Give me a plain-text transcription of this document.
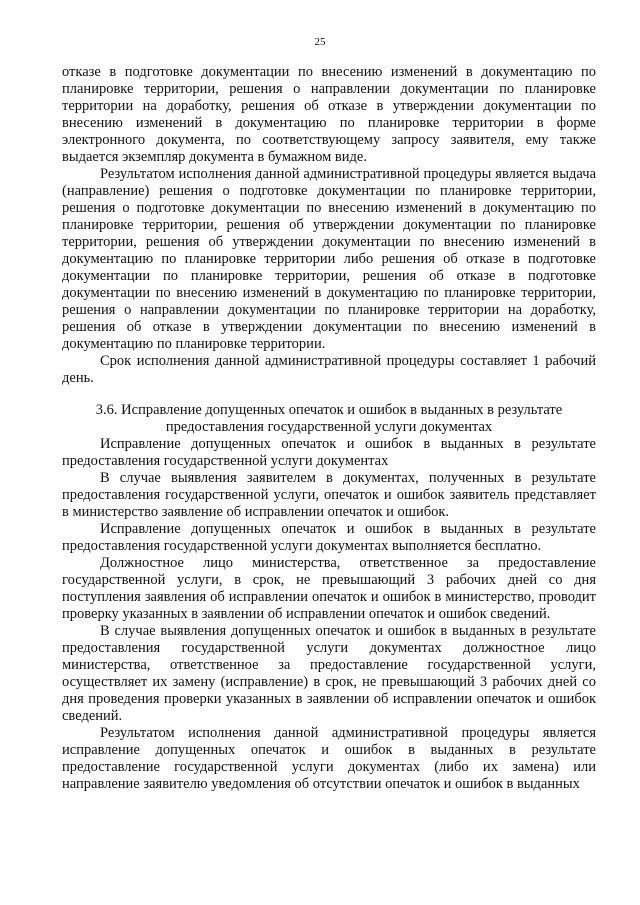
25

отказе в подготовке документации по внесению изменений в документацию по планировке территории, решения о направлении документации по планировке территории на доработку, решения об отказе в утверждении документации по внесению изменений в документацию по планировке территории в форме электронного документа, по соответствующему запросу заявителя, ему также выдается экземпляр документа в бумажном виде.

Результатом исполнения данной административной процедуры является выдача (направление) решения о подготовке документации по планировке территории, решения о подготовке документации по внесению изменений в документацию по планировке территории, решения об утверждении документации по планировке территории, решения об утверждении документации по внесению изменений в документацию по планировке территории либо решения об отказе в подготовке документации по планировке территории, решения об отказе в подготовке документации по внесению изменений в документацию по планировке территории, решения о направлении документации по планировке территории на доработку, решения об отказе в утверждении документации по внесению изменений в документацию по планировке территории.

Срок исполнения данной административной процедуры составляет 1 рабочий день.

3.6. Исправление допущенных опечаток и ошибок в выданных в результате
предоставления государственной услуги документах

Исправление допущенных опечаток и ошибок в выданных в результате предоставления государственной услуги документах

В случае выявления заявителем в документах, полученных в результате предоставления государственной услуги, опечаток и ошибок заявитель представляет в министерство заявление об исправлении опечаток и ошибок.

Исправление допущенных опечаток и ошибок в выданных в результате предоставления государственной услуги документах выполняется бесплатно.

Должностное лицо министерства, ответственное за предоставление государственной услуги, в срок, не превышающий 3 рабочих дней со дня поступления заявления об исправлении опечаток и ошибок в министерство, проводит проверку указанных в заявлении об исправлении опечаток и ошибок сведений.

В случае выявления допущенных опечаток и ошибок в выданных в результате предоставления государственной услуги документах должностное лицо министерства, ответственное за предоставление государственной услуги, осуществляет их замену (исправление) в срок, не превышающий 3 рабочих дней со дня проведения проверки указанных в заявлении об исправлении опечаток и ошибок сведений.

Результатом исполнения данной административной процедуры является исправление допущенных опечаток и ошибок в выданных в результате предоставление государственной услуги документах (либо их замена) или направление заявителю уведомления об отсутствии опечаток и ошибок в выданных
